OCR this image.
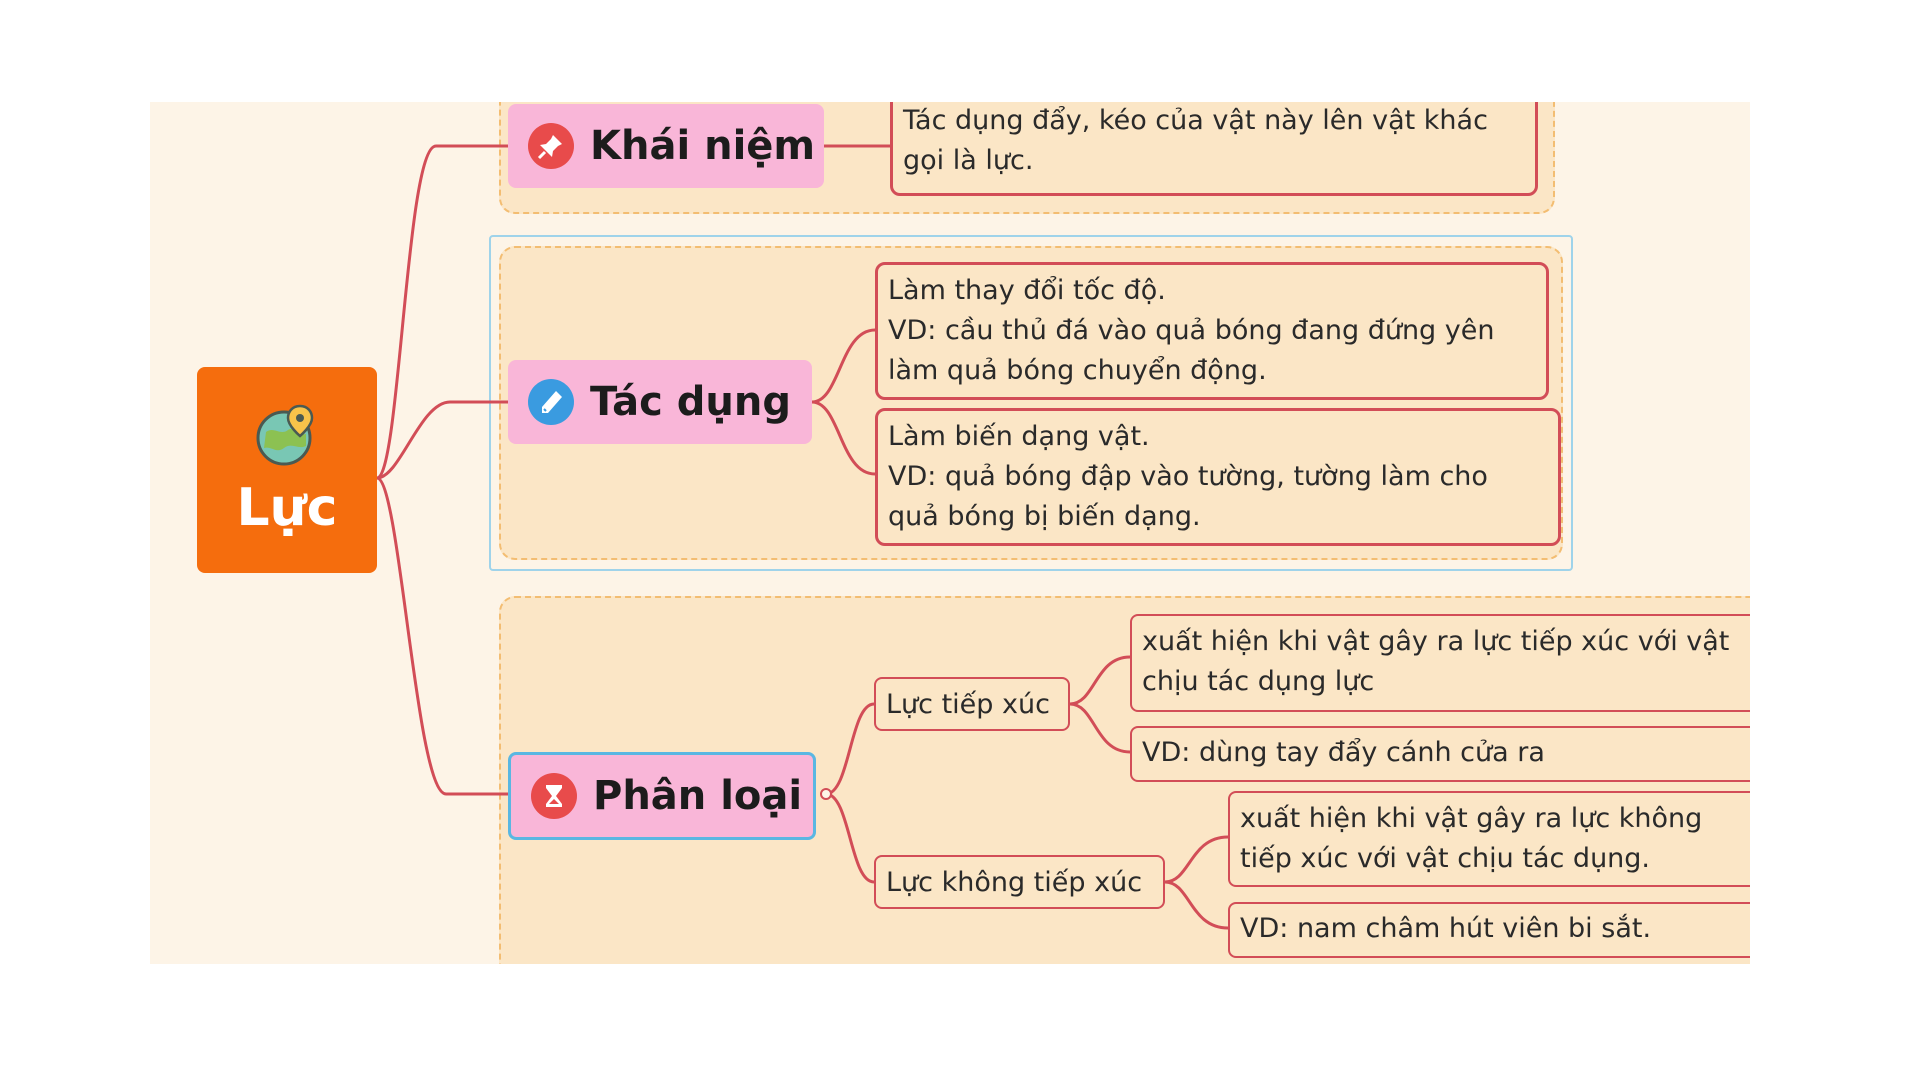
Lực
Khái niệm
Tác dụng đẩy, kéo của vật này lên vật khác
gọi là lực.
Tác dụng
Làm thay đổi tốc độ.
VD: cầu thủ đá vào quả bóng đang đứng yên
làm quả bóng chuyển động.
Làm biến dạng vật.
VD: quả bóng đập vào tường, tường làm cho
quả bóng bị biến dạng.
Phân loại
Lực tiếp xúc
xuất hiện khi vật gây ra lực tiếp xúc với vật
chịu tác dụng lực
VD: dùng tay đẩy cánh cửa ra
Lực không tiếp xúc
xuất hiện khi vật gây ra lực không
tiếp xúc với vật chịu tác dụng.
VD: nam châm hút viên bi sắt.
